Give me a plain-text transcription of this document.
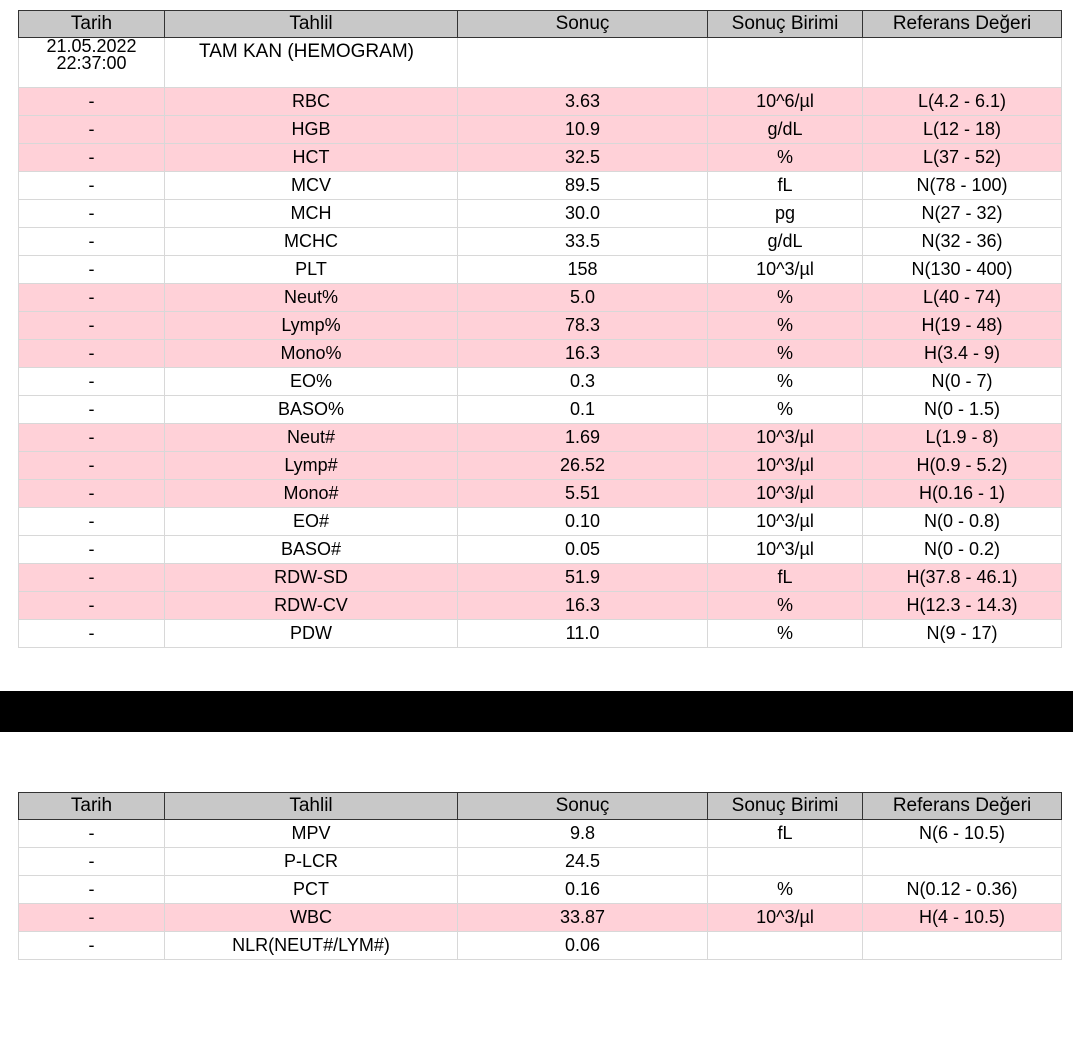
Tarih	Tahlil	Sonuç	Sonuç Birimi	Referans Değeri

21.05.2022
22:37:00	TAM KAN (HEMOGRAM)			
-	RBC	3.63	10^6/µl	L(4.2 - 6.1)
-	HGB	10.9	g/dL	L(12 - 18)
-	HCT	32.5	%	L(37 - 52)
-	MCV	89.5	fL	N(78 - 100)
-	MCH	30.0	pg	N(27 - 32)
-	MCHC	33.5	g/dL	N(32 - 36)
-	PLT	158	10^3/µl	N(130 - 400)
-	Neut%	5.0	%	L(40 - 74)
-	Lymp%	78.3	%	H(19 - 48)
-	Mono%	16.3	%	H(3.4 - 9)
-	EO%	0.3	%	N(0 - 7)
-	BASO%	0.1	%	N(0 - 1.5)
-	Neut#	1.69	10^3/µl	L(1.9 - 8)
-	Lymp#	26.52	10^3/µl	H(0.9 - 5.2)
-	Mono#	5.51	10^3/µl	H(0.16 - 1)
-	EO#	0.10	10^3/µl	N(0 - 0.8)
-	BASO#	0.05	10^3/µl	N(0 - 0.2)
-	RDW-SD	51.9	fL	H(37.8 - 46.1)
-	RDW-CV	16.3	%	H(12.3 - 14.3)
-	PDW	11.0	%	N(9 - 17)
Tarih	Tahlil	Sonuç	Sonuç Birimi	Referans Değeri
-	MPV	9.8	fL	N(6 - 10.5)
-	P-LCR	24.5		
-	PCT	0.16	%	N(0.12 - 0.36)
-	WBC	33.87	10^3/µl	H(4 - 10.5)
-	NLR(NEUT#/LYM#)	0.06		
